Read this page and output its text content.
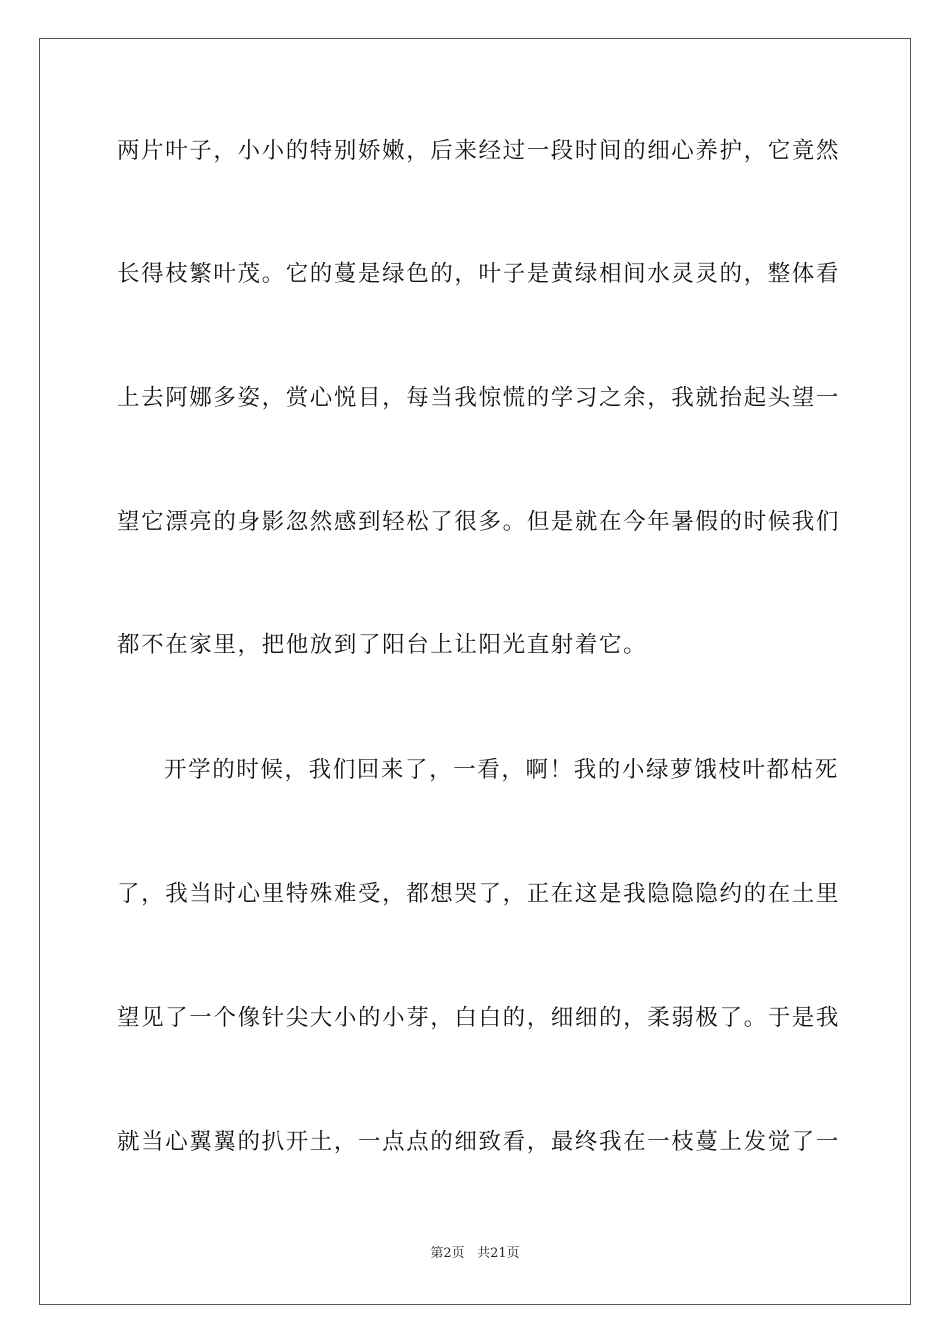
两片叶子，小小的特别娇嫩，后来经过一段时间的细心养护，它竟然
长得枝繁叶茂。它的蔓是绿色的，叶子是黄绿相间水灵灵的，整体看
上去阿娜多姿，赏心悦目，每当我惊慌的学习之余，我就抬起头望一
望它漂亮的身影忽然感到轻松了很多。但是就在今年暑假的时候我们
都不在家里，把他放到了阳台上让阳光直射着它。
开学的时候，我们回来了，一看，啊！我的小绿萝饿枝叶都枯死
了，我当时心里特殊难受，都想哭了，正在这是我隐隐隐约的在土里
望见了一个像针尖大小的小芽，白白的，细细的，柔弱极了。于是我
就当心翼翼的扒开土，一点点的细致看，最终我在一枝蔓上发觉了一
第2页 共21页
